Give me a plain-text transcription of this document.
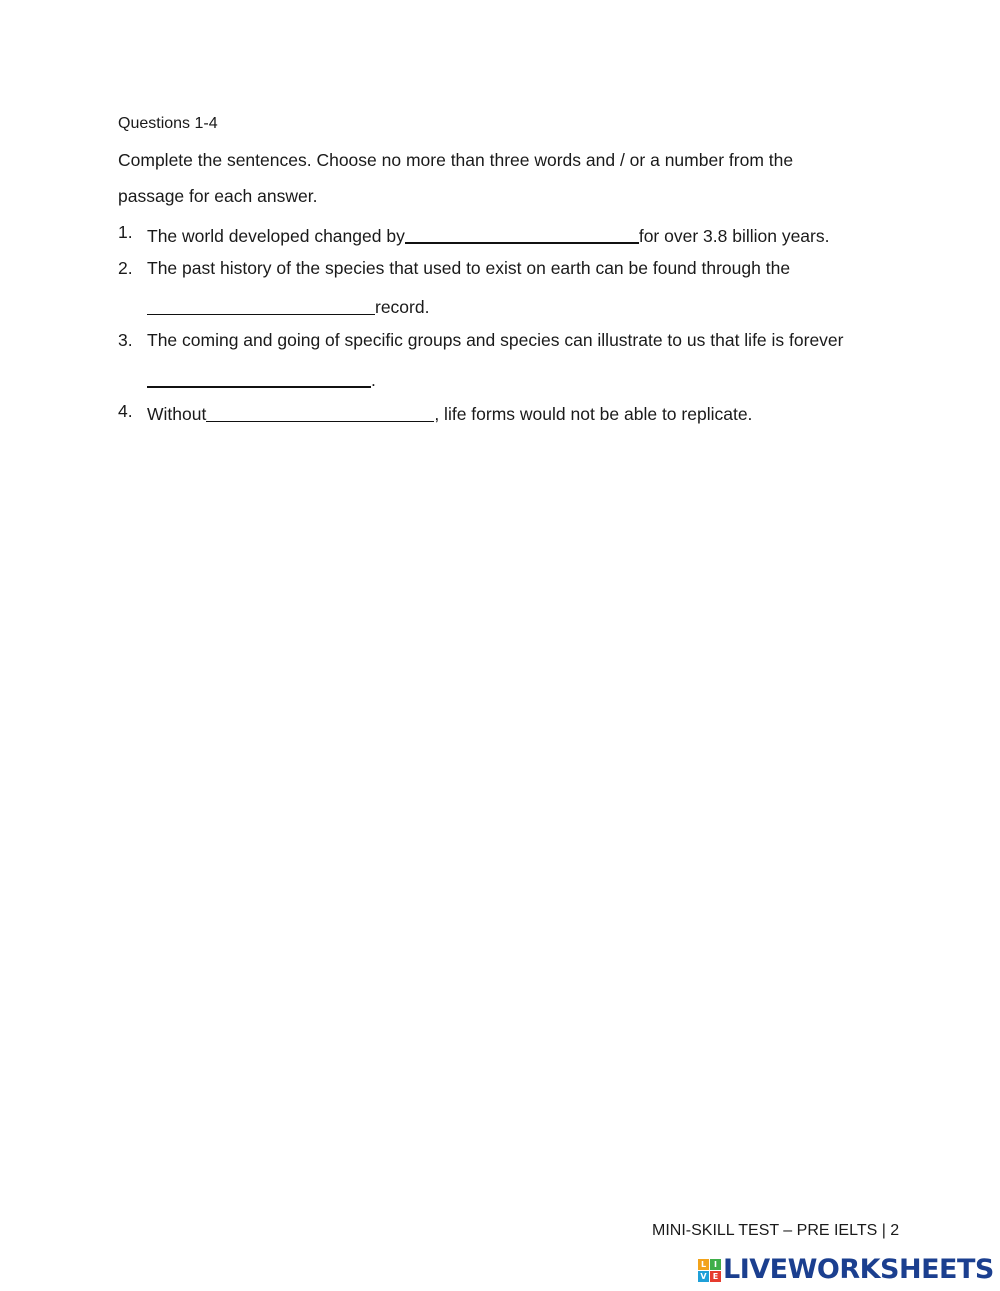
Questions 1-4
Complete the sentences. Choose no more than three words and / or a number from the
passage for each answer.
1. The world developed changed by	for over 3.8 billion years.
2. The past history of the species that used to exist on earth can be found through the
record.
3. The coming and going of specific groups and species can illustrate to us that life is forever
.
4. Without	, life forms would not be able to replicate.
MINI-SKILL TEST – PRE IELTS | 2
L I
V E LIVEWORKSHEETS
